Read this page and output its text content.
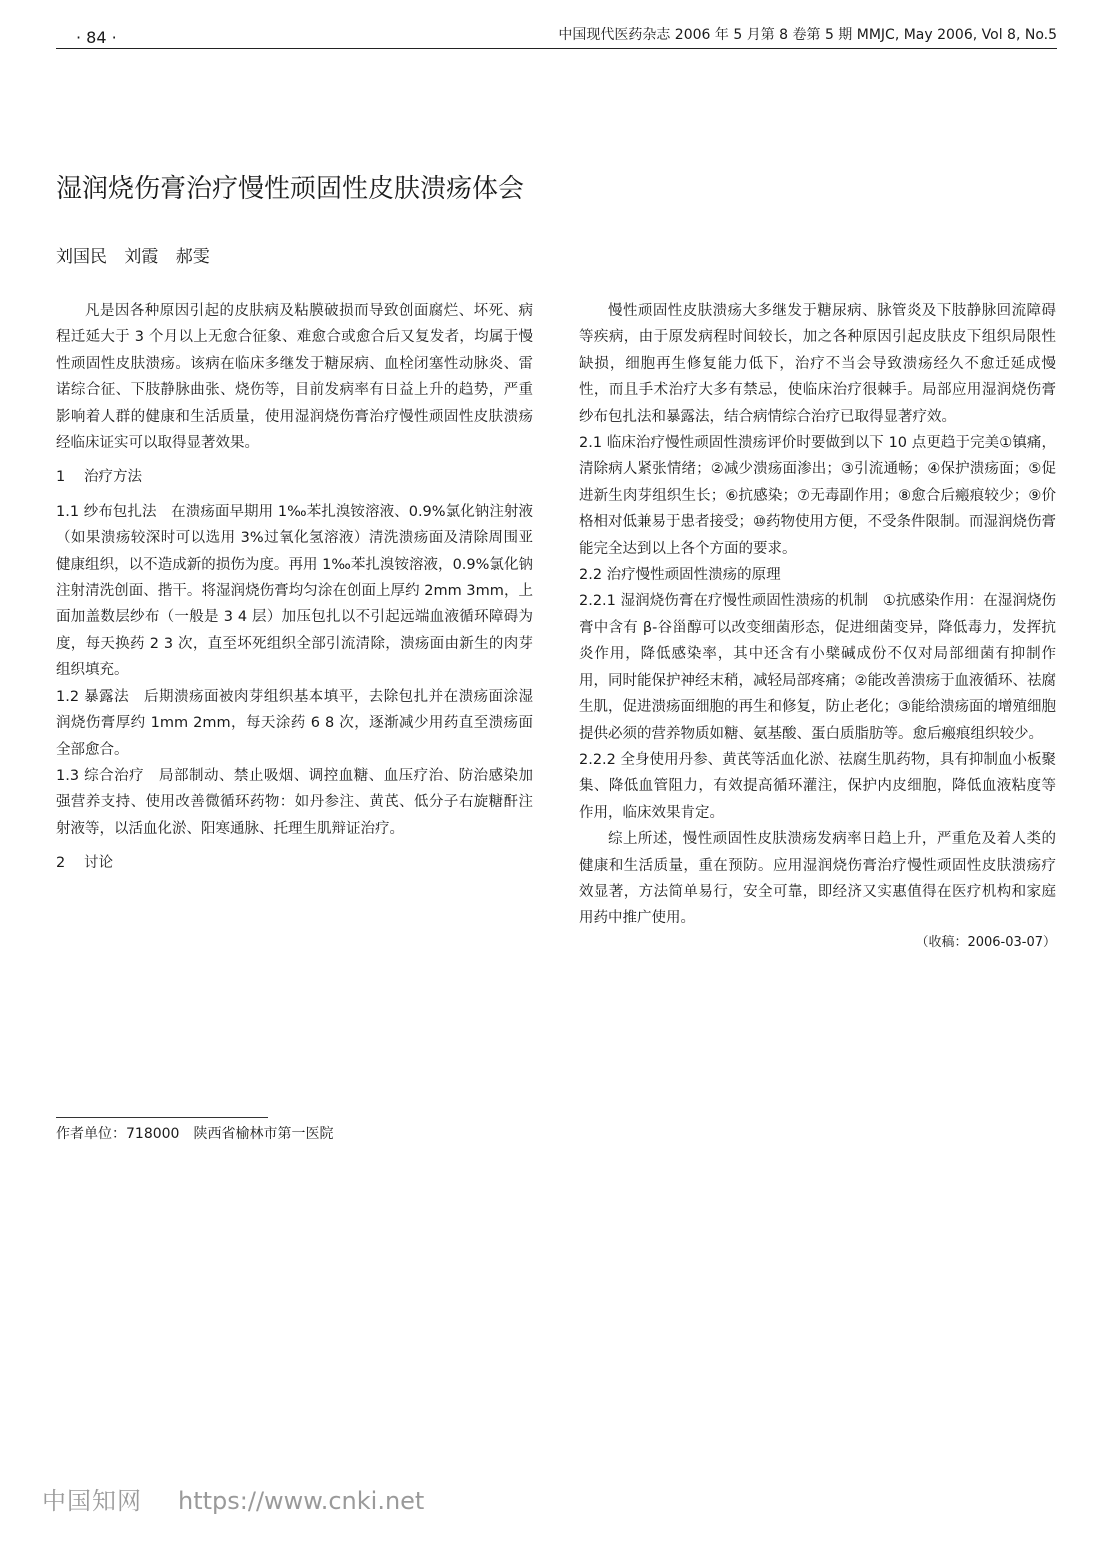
· 84 ·	中国现代医药杂志 2006 年 5 月第 8 卷第 5 期 MMJC, May 2006, Vol 8, No.5
湿润烧伤膏治疗慢性顽固性皮肤溃疡体会
刘国民 刘霞 郝雯

凡是因各种原因引起的皮肤病及粘膜破损而导致创面腐烂、坏死、病程迁延大于 3 个月以上无愈合征象、难愈合或愈合后又复发者，均属于慢性顽固性皮肤溃疡。该病在临床多继发于糖尿病、血栓闭塞性动脉炎、雷诺综合征、下肢静脉曲张、烧伤等，目前发病率有日益上升的趋势，严重影响着人群的健康和生活质量，使用湿润烧伤膏治疗慢性顽固性皮肤溃疡经临床证实可以取得显著效果。

1 治疗方法

1.1 纱布包扎法　在溃疡面早期用 1‰苯扎溴铵溶液、0.9%氯化钠注射液（如果溃疡较深时可以选用 3%过氧化氢溶液）清洗溃疡面及清除周围亚健康组织，以不造成新的损伤为度。再用 1‰苯扎溴铵溶液，0.9%氯化钠注射清洗创面、揩干。将湿润烧伤膏均匀涂在创面上厚约 2mm 3mm，上面加盖数层纱布（一般是 3 4 层）加压包扎以不引起远端血液循环障碍为度，每天换药 2 3 次，直至坏死组织全部引流清除，溃疡面由新生的肉芽组织填充。

1.2 暴露法　后期溃疡面被肉芽组织基本填平，去除包扎并在溃疡面涂湿润烧伤膏厚约 1mm 2mm，每天涂药 6 8 次，逐渐减少用药直至溃疡面全部愈合。

1.3 综合治疗　局部制动、禁止吸烟、调控血糖、血压疗治、防治感染加强营养支持、使用改善微循环药物：如丹参注、黄芪、低分子右旋糖酐注射液等，以活血化淤、阳寒通脉、托理生肌辩证治疗。

2 讨论

慢性顽固性皮肤溃疡大多继发于糖尿病、脉管炎及下肢静脉回流障碍等疾病，由于原发病程时间较长，加之各种原因引起皮肤皮下组织局限性缺损，细胞再生修复能力低下，治疗不当会导致溃疡经久不愈迁延成慢性，而且手术治疗大多有禁忌，使临床治疗很棘手。局部应用湿润烧伤膏纱布包扎法和暴露法，结合病情综合治疗已取得显著疗效。

2.1 临床治疗慢性顽固性溃疡评价时要做到以下 10 点更趋于完美①镇痛，清除病人紧张情绪；②减少溃疡面渗出；③引流通畅；④保护溃疡面；⑤促进新生肉芽组织生长；⑥抗感染；⑦无毒副作用；⑧愈合后瘢痕较少；⑨价格相对低兼易于患者接受；⑩药物使用方便，不受条件限制。而湿润烧伤膏能完全达到以上各个方面的要求。

2.2 治疗慢性顽固性溃疡的原理

2.2.1 湿润烧伤膏在疗慢性顽固性溃疡的机制　①抗感染作用：在湿润烧伤膏中含有 β-谷甾醇可以改变细菌形态，促进细菌变异，降低毒力，发挥抗炎作用，降低感染率，其中还含有小檗碱成份不仅对局部细菌有抑制作用，同时能保护神经末稍，减轻局部疼痛；②能改善溃疡于血液循环、祛腐生肌，促进溃疡面细胞的再生和修复，防止老化；③能给溃疡面的增殖细胞提供必须的营养物质如糖、氨基酸、蛋白质脂肪等。愈后瘢痕组织较少。

2.2.2 全身使用丹参、黄芪等活血化淤、祛腐生肌药物，具有抑制血小板聚集、降低血管阻力，有效提高循环灌注，保护内皮细胞，降低血液粘度等作用，临床效果肯定。

综上所述，慢性顽固性皮肤溃疡发病率日趋上升，严重危及着人类的健康和生活质量，重在预防。应用湿润烧伤膏治疗慢性顽固性皮肤溃疡疗效显著，方法简单易行，安全可靠，即经济又实惠值得在医疗机构和家庭用药中推广使用。

（收稿：2006-03-07）
作者单位：718000　陕西省榆林市第一医院
中国知网 https://www.cnki.net
